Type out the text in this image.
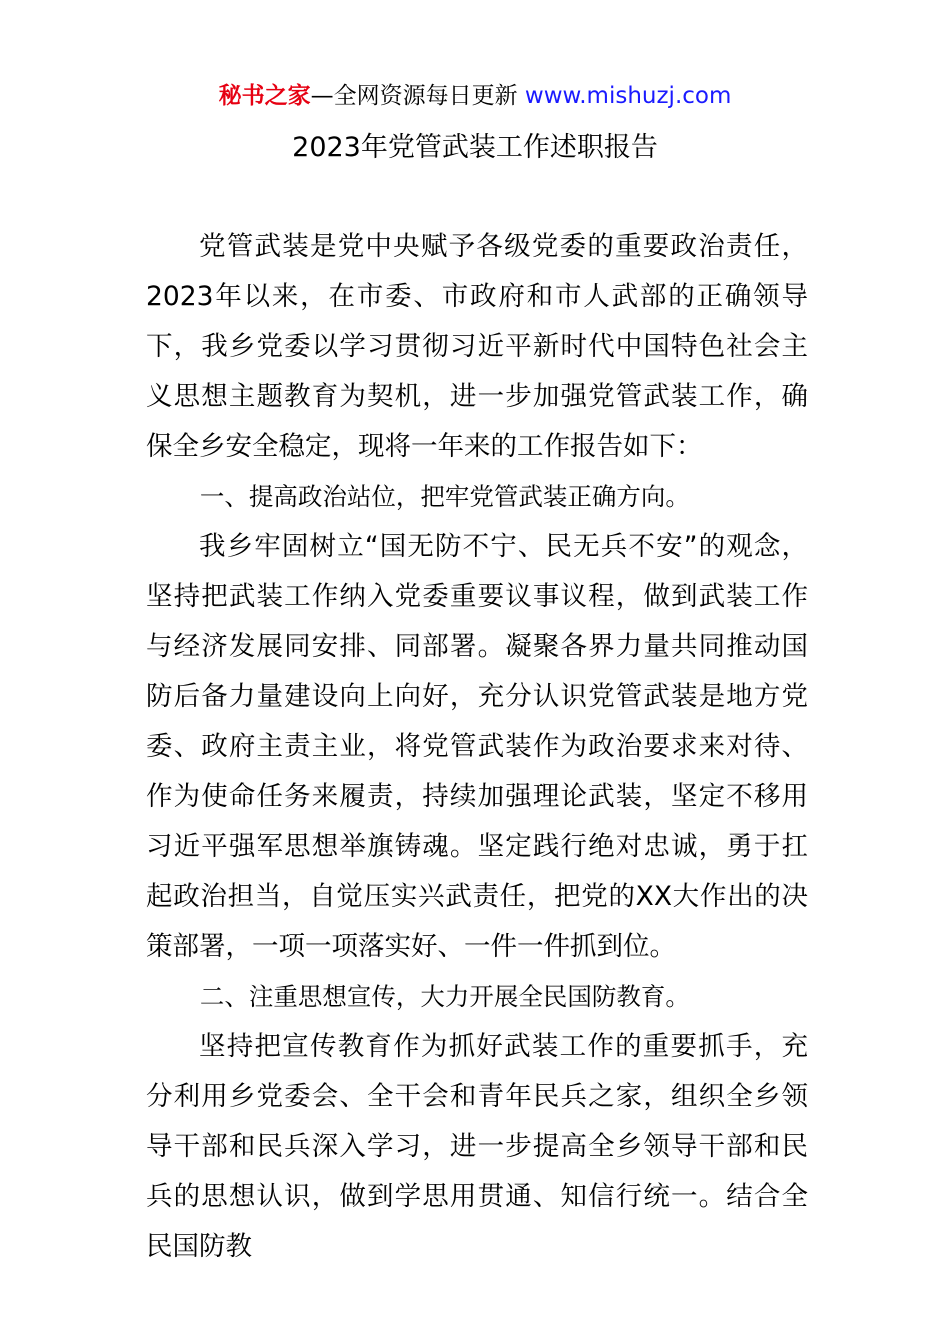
秘书之家—全网资源每日更新 www.mishuzj.com
2023年党管武装工作述职报告

党管武装是党中央赋予各级党委的重要政治责任，2023年以来，在市委、市政府和市人武部的正确领导下，我乡党委以学习贯彻习近平新时代中国特色社会主义思想主题教育为契机，进一步加强党管武装工作，确保全乡安全稳定，现将一年来的工作报告如下：

一、提高政治站位，把牢党管武装正确方向。

我乡牢固树立“国无防不宁、民无兵不安”的观念，坚持把武装工作纳入党委重要议事议程，做到武装工作与经济发展同安排、同部署。凝聚各界力量共同推动国防后备力量建设向上向好，充分认识党管武装是地方党委、政府主责主业，将党管武装作为政治要求来对待、作为使命任务来履责，持续加强理论武装，坚定不移用习近平强军思想举旗铸魂。坚定践行绝对忠诚，勇于扛起政治担当，自觉压实兴武责任，把党的XX大作出的决策部署，一项一项落实好、一件一件抓到位。

二、注重思想宣传，大力开展全民国防教育。

坚持把宣传教育作为抓好武装工作的重要抓手，充分利用乡党委会、全干会和青年民兵之家，组织全乡领导干部和民兵深入学习，进一步提高全乡领导干部和民兵的思想认识，做到学思用贯通、知信行统一。结合全民国防教
